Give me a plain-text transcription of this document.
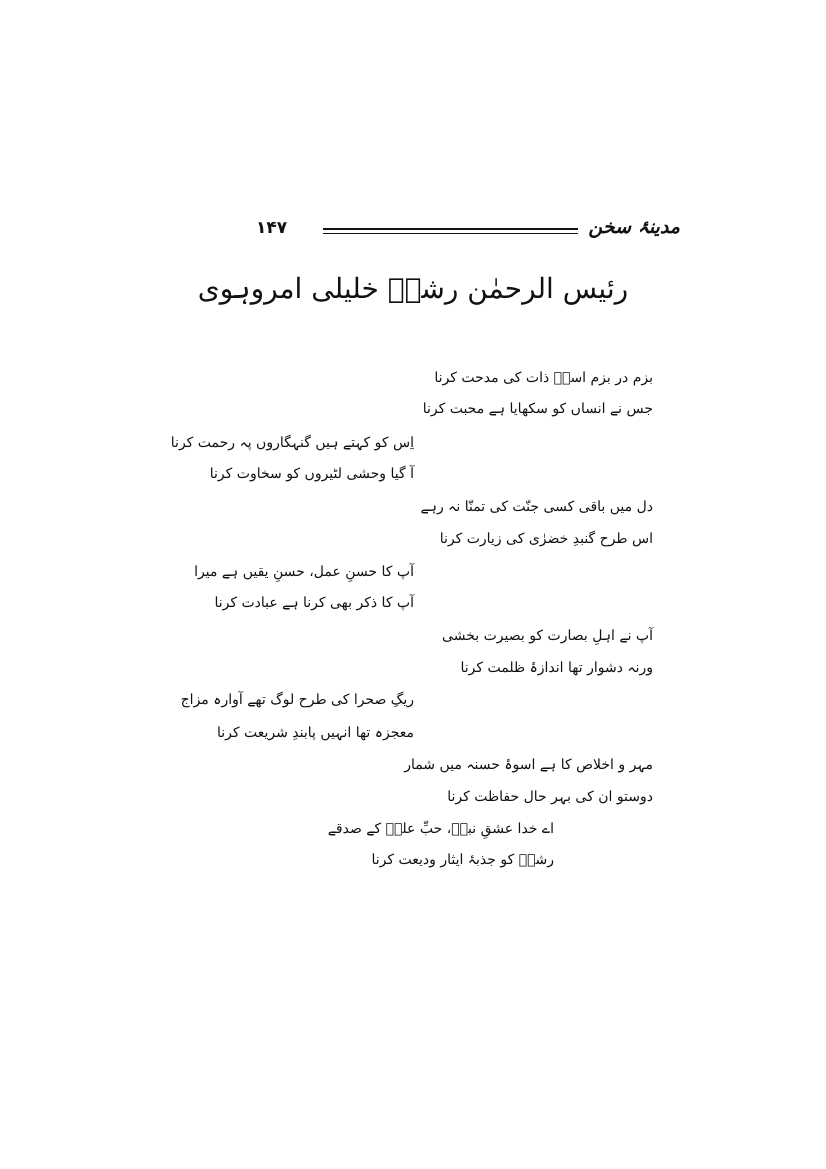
۱۴۷	مدینۂ سخن
رئیس الرحمٰن رشکؔ خلیلی امروہوی
بزم در بزم اسیؐ ذات کی مدحت کرنا
جس نے انساں کو سکھایا ہے محبت کرنا
اِس کو کہتے ہیں گنہگاروں پہ رحمت کرنا
آ گیا وحشی لٹیروں کو سخاوت کرنا
دل میں باقی کسی جنّت کی تمنّا نہ رہے
اس طرح گنبدِ خضرٰی کی زیارت کرنا
آپ کا حسنِ عمل، حسنِ یقیں ہے میرا
آپ کا ذکر بھی کرنا ہے عبادت کرنا
آپ نے اہلِ بصارت کو بصیرت بخشی
ورنہ دشوار تھا اندازۂ ظلمت کرنا
ریگِ صحرا کی طرح لوگ تھے آوارہ مزاج
معجزہ تھا انہیں پابندِ شریعت کرنا
مہر و اخلاص کا ہے اسوۂ حسنہ میں شمار
دوستو ان کی بہر حال حفاظت کرنا
اے خدا عشقِ نبیؐ، حبِّ علیؑ کے صدقے
رشکؔ کو جذبۂ ایثار ودیعت کرنا
